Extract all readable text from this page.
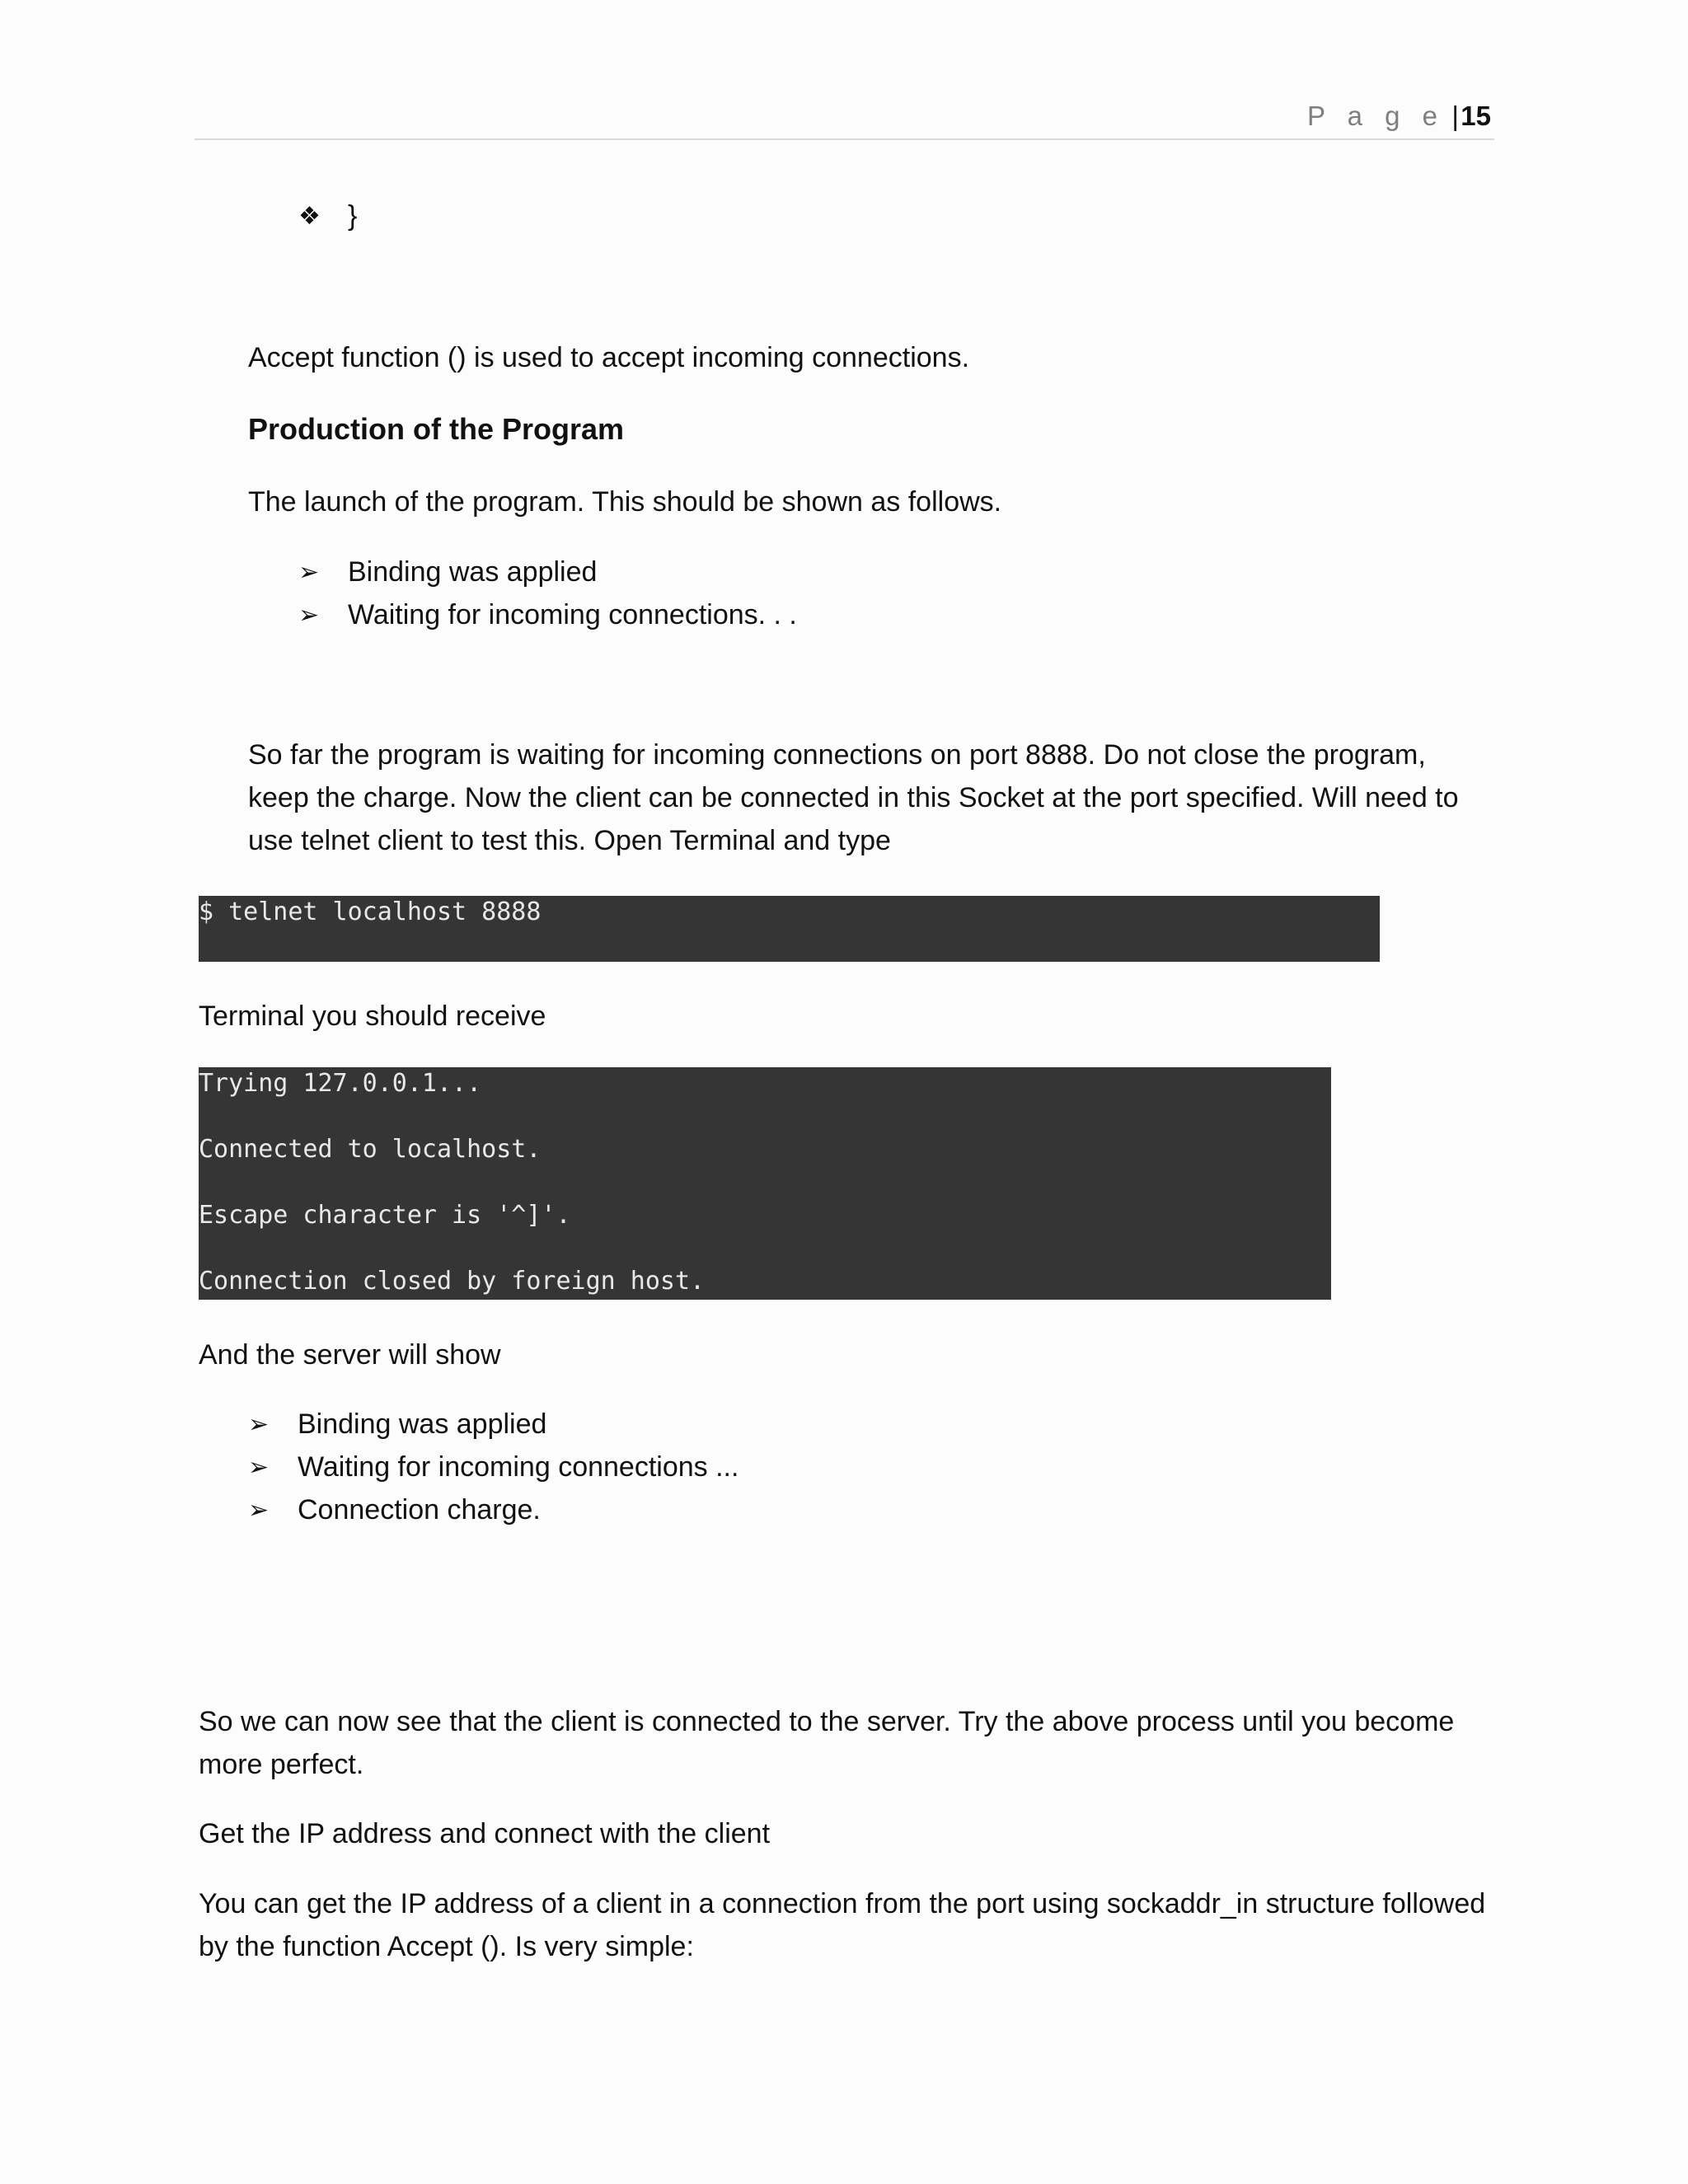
P a g e | 15
❖ }
Accept function () is used to accept incoming connections.
Production of the Program
The launch of the program. This should be shown as follows.
➢	Binding was applied
➢	Waiting for incoming connections. . .
So far the program is waiting for incoming connections on port 8888. Do not close the program,
keep the charge. Now the client can be connected in this Socket at the port specified. Will need to
use telnet client to test this. Open Terminal and type

$ telnet localhost 8888

Terminal you should receive

Trying 127.0.0.1...

Connected to localhost.

Escape character is '^]'.

Connection closed by foreign host.

And the server will show
➢	Binding was applied
➢	Waiting for incoming connections ...
➢	Connection charge.
So we can now see that the client is connected to the server. Try the above process until you become
more perfect.
Get the IP address and connect with the client
You can get the IP address of a client in a connection from the port using sockaddr_in structure followed
by the function Accept (). Is very simple:
